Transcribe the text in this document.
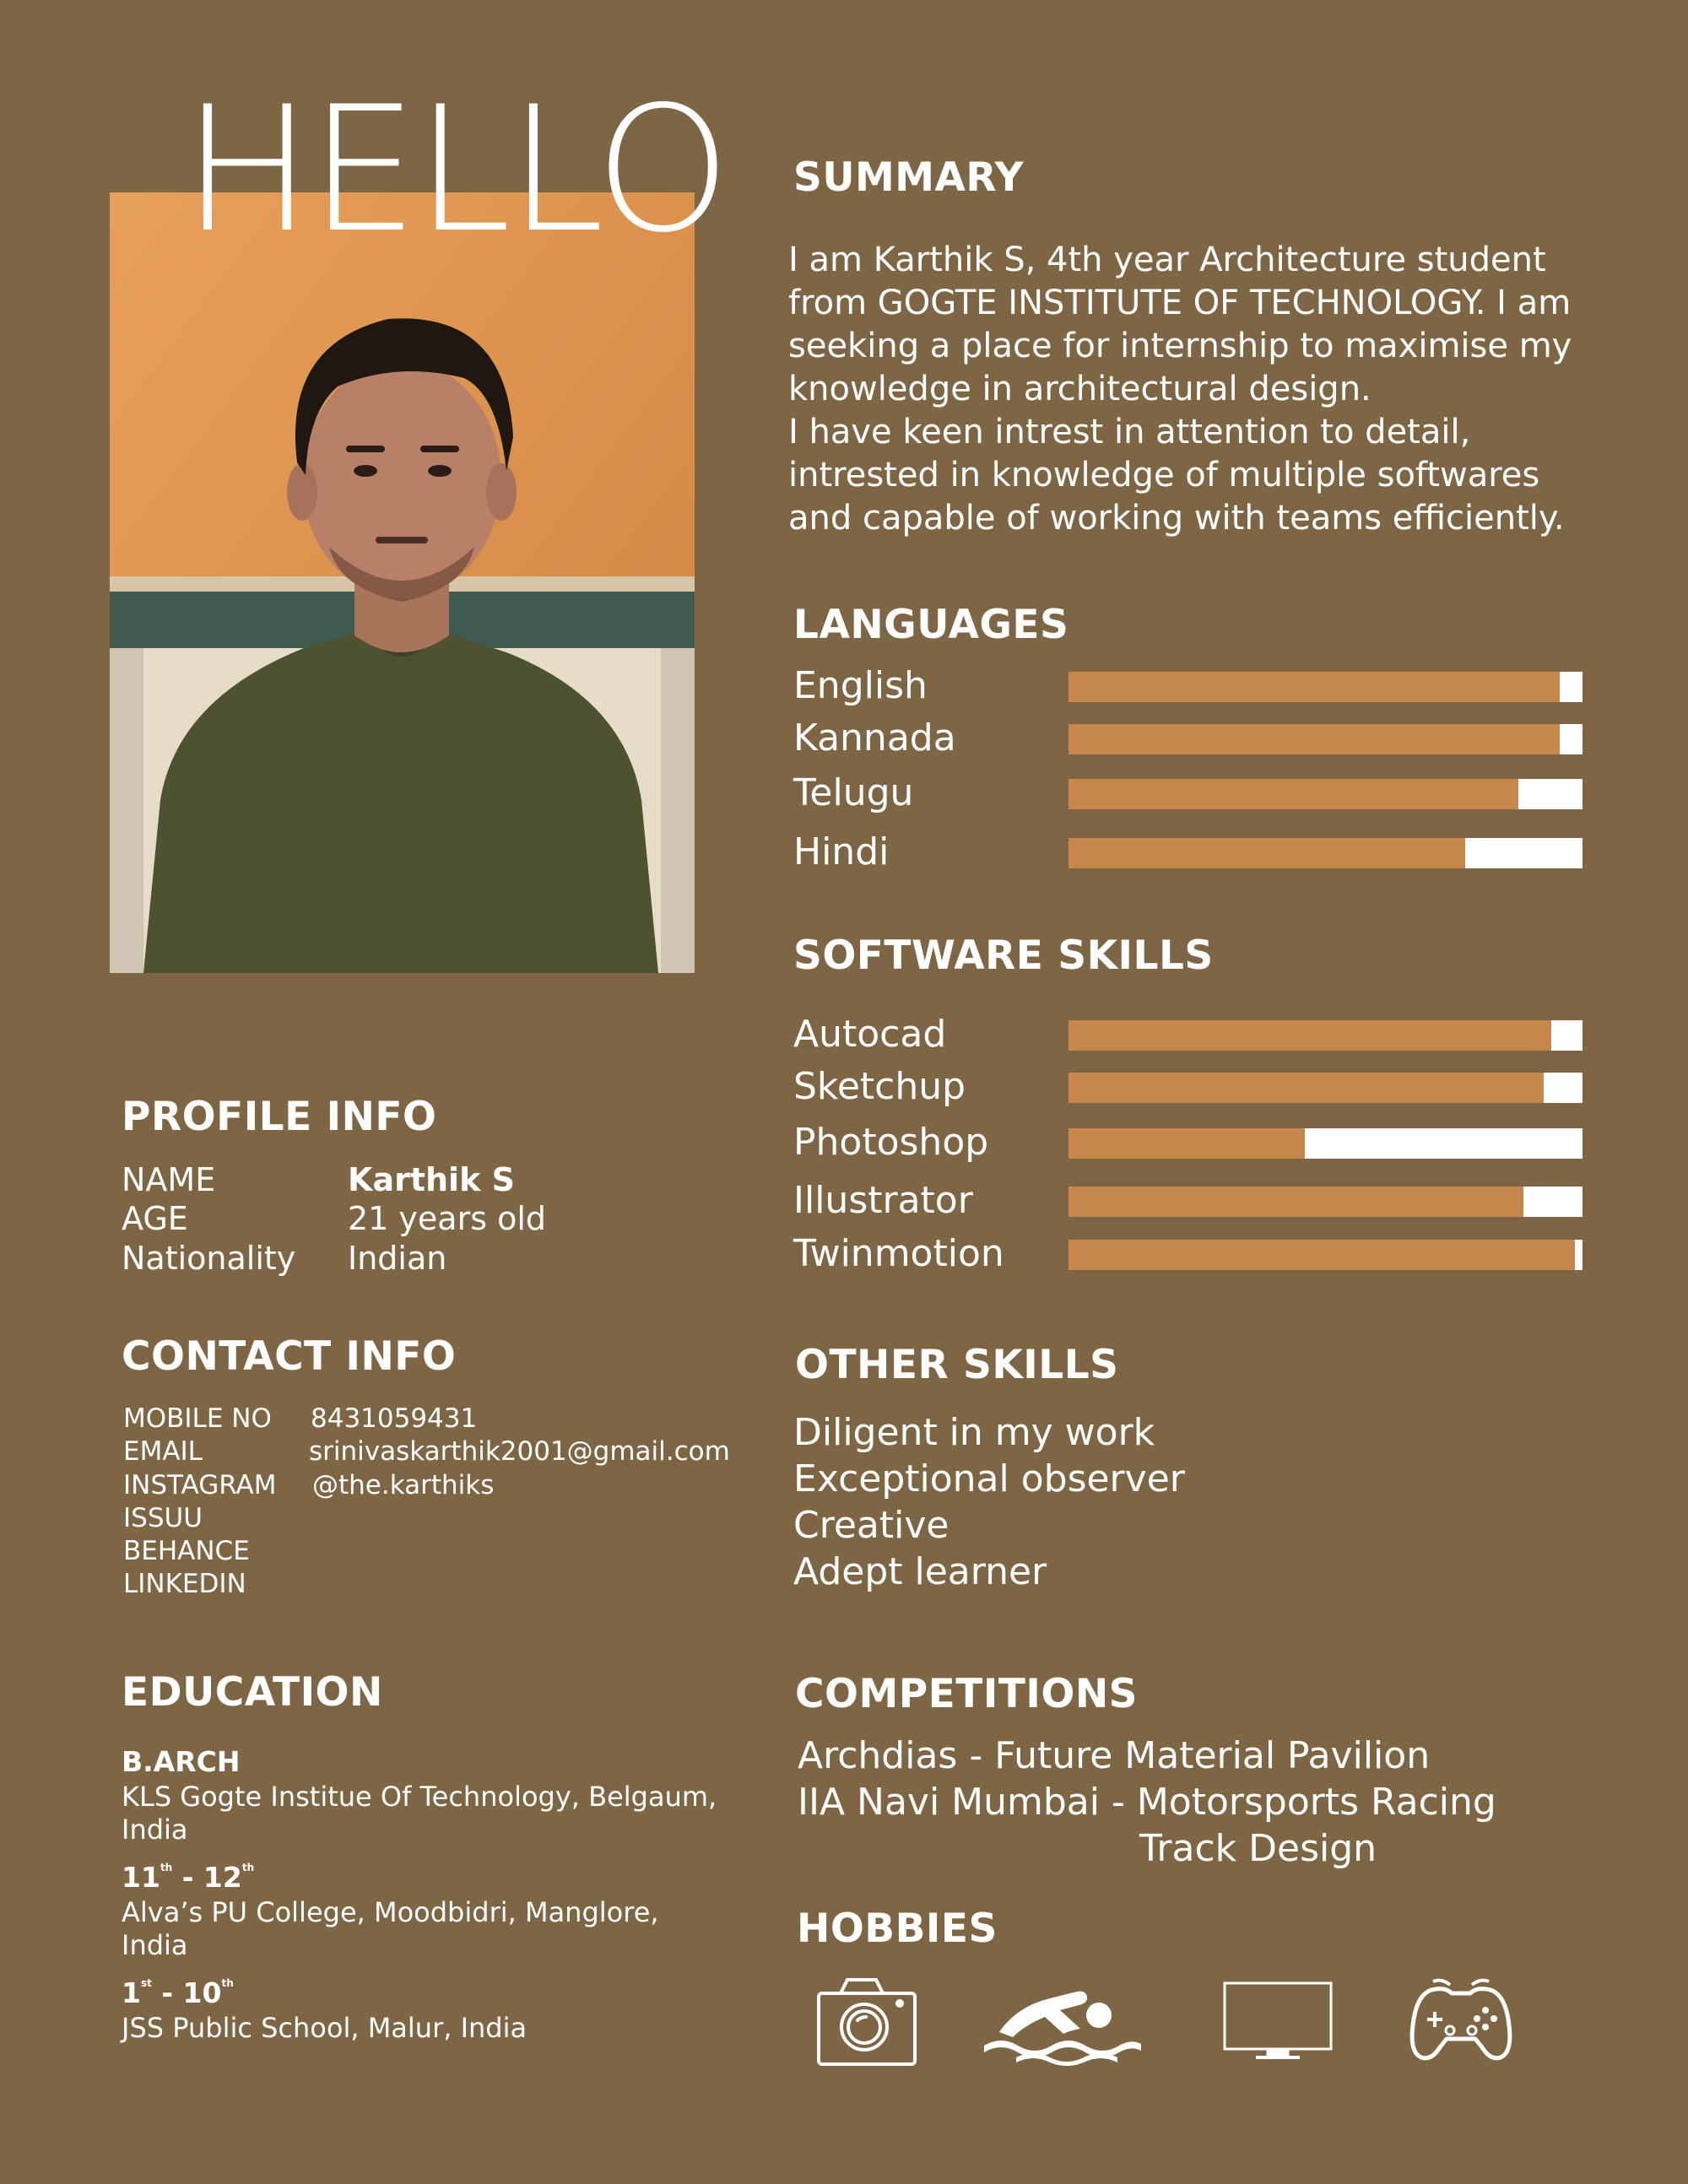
HELLO SUMMARY

I am Karthik S, 4th year Architecture student

from GOGTE INSTITUTE OF TECHNOLOGY. I am

seeking a place for internship to maximise my

knowledge in architectural design.

I have keen intrest in attention to detail,

intrested in knowledge of multiple softwares

and capable of working with teams efficiently.

LANGUAGES
English
Kannada
Telugu
Hindi
SOFTWARE SKILLS
Autocad
Sketchup
Photoshop
Illustrator
Twinmotion
OTHER SKILLS
Diligent in my work
Exceptional observer
Creative
Adept learner
COMPETITIONS
Archdias - Future Material Pavilion
IIA Navi Mumbai - Motorsports Racing
Track Design
HOBBIES
PROFILE INFO
NAME	Karthik S
AGE	21 years old
Nationality Indian
CONTACT INFO
MOBILE NO 8431059431
EMAIL	srinivaskarthik2001@gmail.com
INSTAGRAM @the.karthiks
ISSUU
BEHANCE
LINKEDIN
EDUCATION
B.ARCH
KLS Gogte Institue Of Technology, Belgaum,
India
11th - 12th
Alva’s PU College, Moodbidri, Manglore,
India
1st - 10th
JSS Public School, Malur, India
